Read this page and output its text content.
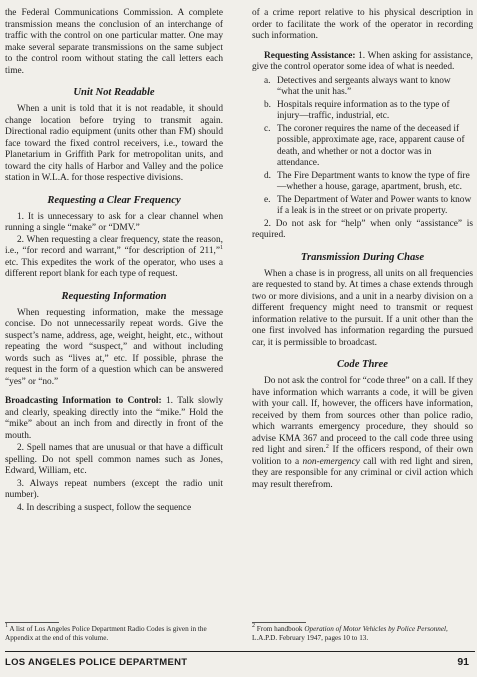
the Federal Communications Commission. A complete transmission means the conclusion of an interchange of traffic with the control on one particular matter. One may make several separate transmissions on the same subject to the control room without stating the call letters each time.

Unit Not Readable

When a unit is told that it is not readable, it should change location before trying to transmit again. Directional radio equipment (units other than FM) should face toward the fixed control receivers, i.e., toward the Planetarium in Griffith Park for metropolitan units, and toward the city halls of Harbor and Valley and the police station in W.L.A. for those respective divisions.

Requesting a Clear Frequency

1. It is unnecessary to ask for a clear channel when running a single “make” or “DMV.”

2. When requesting a clear frequency, state the reason, i.e., “for record and warrant,” “for description of 211,”$^1$ etc. This expedites the work of the operator, who uses a different report blank for each type of request.

Requesting Information

When requesting information, make the message concise. Do not unnecessarily repeat words. Give the suspect’s name, address, age, weight, height, etc., without repeating the word “suspect,” and without including words such as “lives at,” etc. If possible, phrase the request in the form of a question which can be answered “yes” or “no.”

Broadcasting Information to Control: 1. Talk slowly and clearly, speaking directly into the “mike.” Hold the “mike” about an inch from and directly in front of the mouth.

2. Spell names that are unusual or that have a difficult spelling. Do not spell common names such as Jones, Edward, William, etc.

3. Always repeat numbers (except the radio unit number).

4. In describing a suspect, follow the sequence

of a crime report relative to his physical description in order to facilitate the work of the operator in recording such information.

Requesting Assistance: 1. When asking for assistance, give the control operator some idea of what is needed.

a. Detectives and sergeants always want to know “what the unit has.”
b. Hospitals require information as to the type of injury—traffic, industrial, etc.
c. The coroner requires the name of the deceased if possible, approximate age, race, apparent cause of death, and whether or not a doctor was in attendance.
d. The Fire Department wants to know the type of fire—whether a house, garage, apartment, brush, etc.
e. The Department of Water and Power wants to know if a leak is in the street or on private property.

2. Do not ask for “help” when only “assistance” is required.

Transmission During Chase

When a chase is in progress, all units on all frequencies are requested to stand by. At times a chase extends through two or more divisions, and a unit in a nearby division on a different frequency might need to transmit or request information relative to the pursuit. If a unit other than the one first involved has information regarding the pursued car, it is permissible to broadcast.

Code Three

Do not ask the control for “code three” on a call. If they have information which warrants a code, it will be given with your call. If, however, the officers have information, received by them from sources other than police radio, which warrants emergency procedure, they should so advise KMA 367 and proceed to the call code three using red light and siren.$^2$ If the officers respond, of their own volition to a non-emergency call with red light and siren, they are responsible for any criminal or civil action which may result therefrom.

$^1$ A list of Los Angeles Police Department Radio Codes is given in the Appendix at the end of this volume.

$^2$ From handbook Operation of Motor Vehicles by Police Personnel, L.A.P.D. February 1947, pages 10 to 13.

LOS ANGELES POLICE DEPARTMENT	91
